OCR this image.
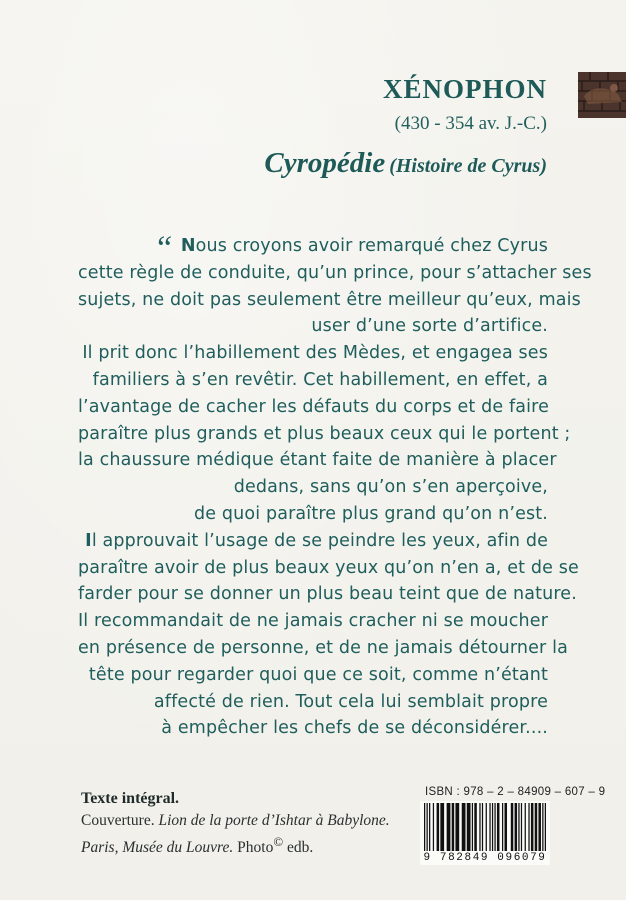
XÉNOPHON
(430 - 354 av. J.-C.)
Cyropédie (Histoire de Cyrus)
“ Nous croyons avoir remarqué chez Cyrus
cette règle de conduite, qu’un prince, pour s’attacher ses
sujets, ne doit pas seulement être meilleur qu’eux, mais
user d’une sorte d’artifice.
Il prit donc l’habillement des Mèdes, et engagea ses
familiers à s’en revêtir. Cet habillement, en effet, a
l’avantage de cacher les défauts du corps et de faire
paraître plus grands et plus beaux ceux qui le portent ;
la chaussure médique étant faite de manière à placer
dedans, sans qu’on s’en aperçoive,
de quoi paraître plus grand qu’on n’est.
Il approuvait l’usage de se peindre les yeux, afin de
paraître avoir de plus beaux yeux qu’on n’en a, et de se
farder pour se donner un plus beau teint que de nature.
Il recommandait de ne jamais cracher ni se moucher
en présence de personne, et de ne jamais détourner la
tête pour regarder quoi que ce soit, comme n’étant
affecté de rien. Tout cela lui semblait propre
à empêcher les chefs de se déconsidérer....
Texte intégral.
Couverture. Lion de la porte d’Ishtar à Babylone.
Paris, Musée du Louvre. Photo© edb.
ISBN : 978 – 2 – 84909 – 607 – 9
9 782849 096079
